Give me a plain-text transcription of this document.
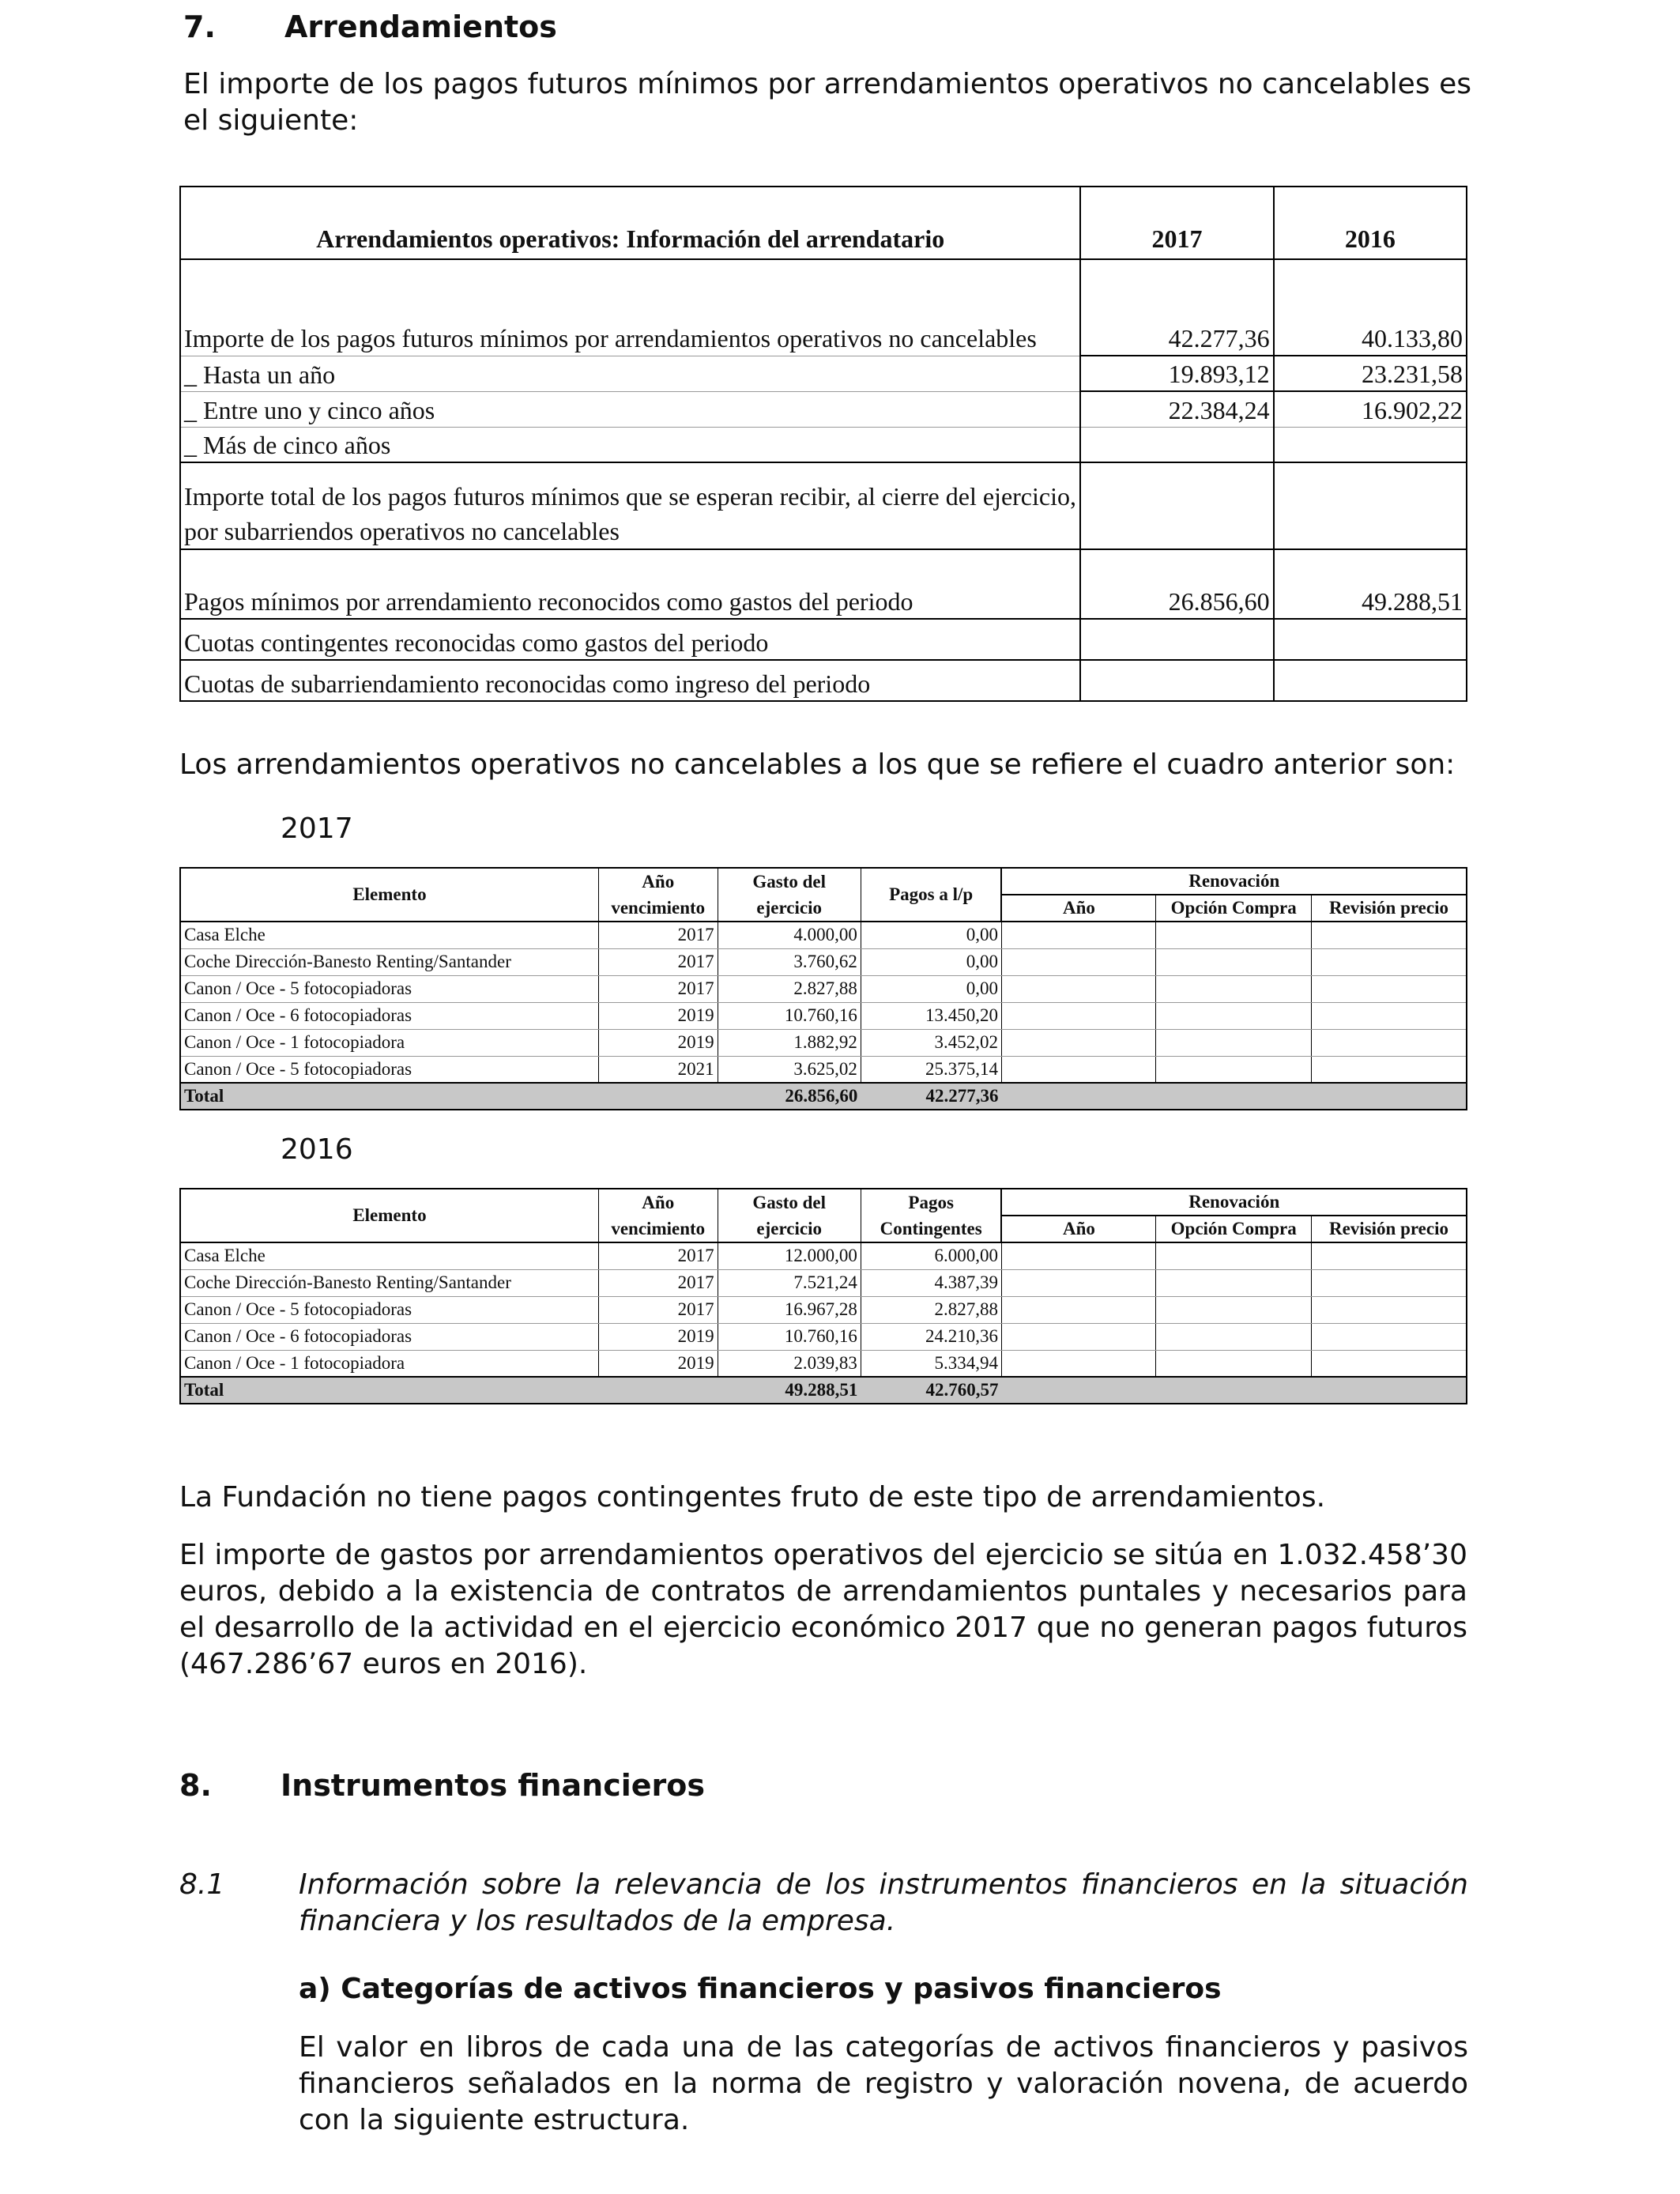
7. Arrendamientos
El importe de los pagos futuros mínimos por arrendamientos operativos no cancelables es el siguiente:
Arrendamientos operativos: Información del arrendatario	2017	2016
Importe de los pagos futuros mínimos por arrendamientos operativos no cancelables	42.277,36	40.133,80
_ Hasta un año	19.893,12	23.231,58
_ Entre uno y cinco años	22.384,24	16.902,22
_ Más de cinco años		
Importe total de los pagos futuros mínimos que se esperan recibir, al cierre del ejercicio, por subarriendos operativos no cancelables		
Pagos mínimos por arrendamiento reconocidos como gastos del periodo	26.856,60	49.288,51
Cuotas contingentes reconocidas como gastos del periodo		
Cuotas de subarriendamiento reconocidas como ingreso del periodo		
Los arrendamientos operativos no cancelables a los que se refiere el cuadro anterior son:
2017
Elemento	Año	Gasto del	Pagos a l/p	Renovación		
	vencimiento	ejercicio		Año	Opción Compra	Revisión precio
Casa Elche	2017	4.000,00	0,00			
Coche Dirección-Banesto Renting/Santander	2017	3.760,62	0,00			
Canon / Oce - 5 fotocopiadoras	2017	2.827,88	0,00			
Canon / Oce - 6 fotocopiadoras	2019	10.760,16	13.450,20			
Canon / Oce - 1 fotocopiadora	2019	1.882,92	3.452,02			
Canon / Oce - 5 fotocopiadoras	2021	3.625,02	25.375,14			
Total		26.856,60	42.277,36			
2016
Elemento	Año	Gasto del	Pagos	Renovación		
	vencimiento	ejercicio	Contingentes	Año	Opción Compra	Revisión precio
Casa Elche	2017	12.000,00	6.000,00			
Coche Dirección-Banesto Renting/Santander	2017	7.521,24	4.387,39			
Canon / Oce - 5 fotocopiadoras	2017	16.967,28	2.827,88			
Canon / Oce - 6 fotocopiadoras	2019	10.760,16	24.210,36			
Canon / Oce - 1 fotocopiadora	2019	2.039,83	5.334,94			
Total		49.288,51	42.760,57			
La Fundación no tiene pagos contingentes fruto de este tipo de arrendamientos.
El importe de gastos por arrendamientos operativos del ejercicio se sitúa en 1.032.458’30 euros, debido a la existencia de contratos de arrendamientos puntales y necesarios para el desarrollo de la actividad en el ejercicio económico 2017 que no generan pagos futuros (467.286’67 euros en 2016).
8. Instrumentos financieros
8.1	Información sobre la relevancia de los instrumentos financieros en la situación financiera y los resultados de la empresa.
a) Categorías de activos financieros y pasivos financieros
El valor en libros de cada una de las categorías de activos financieros y pasivos financieros señalados en la norma de registro y valoración novena, de acuerdo con la siguiente estructura.
